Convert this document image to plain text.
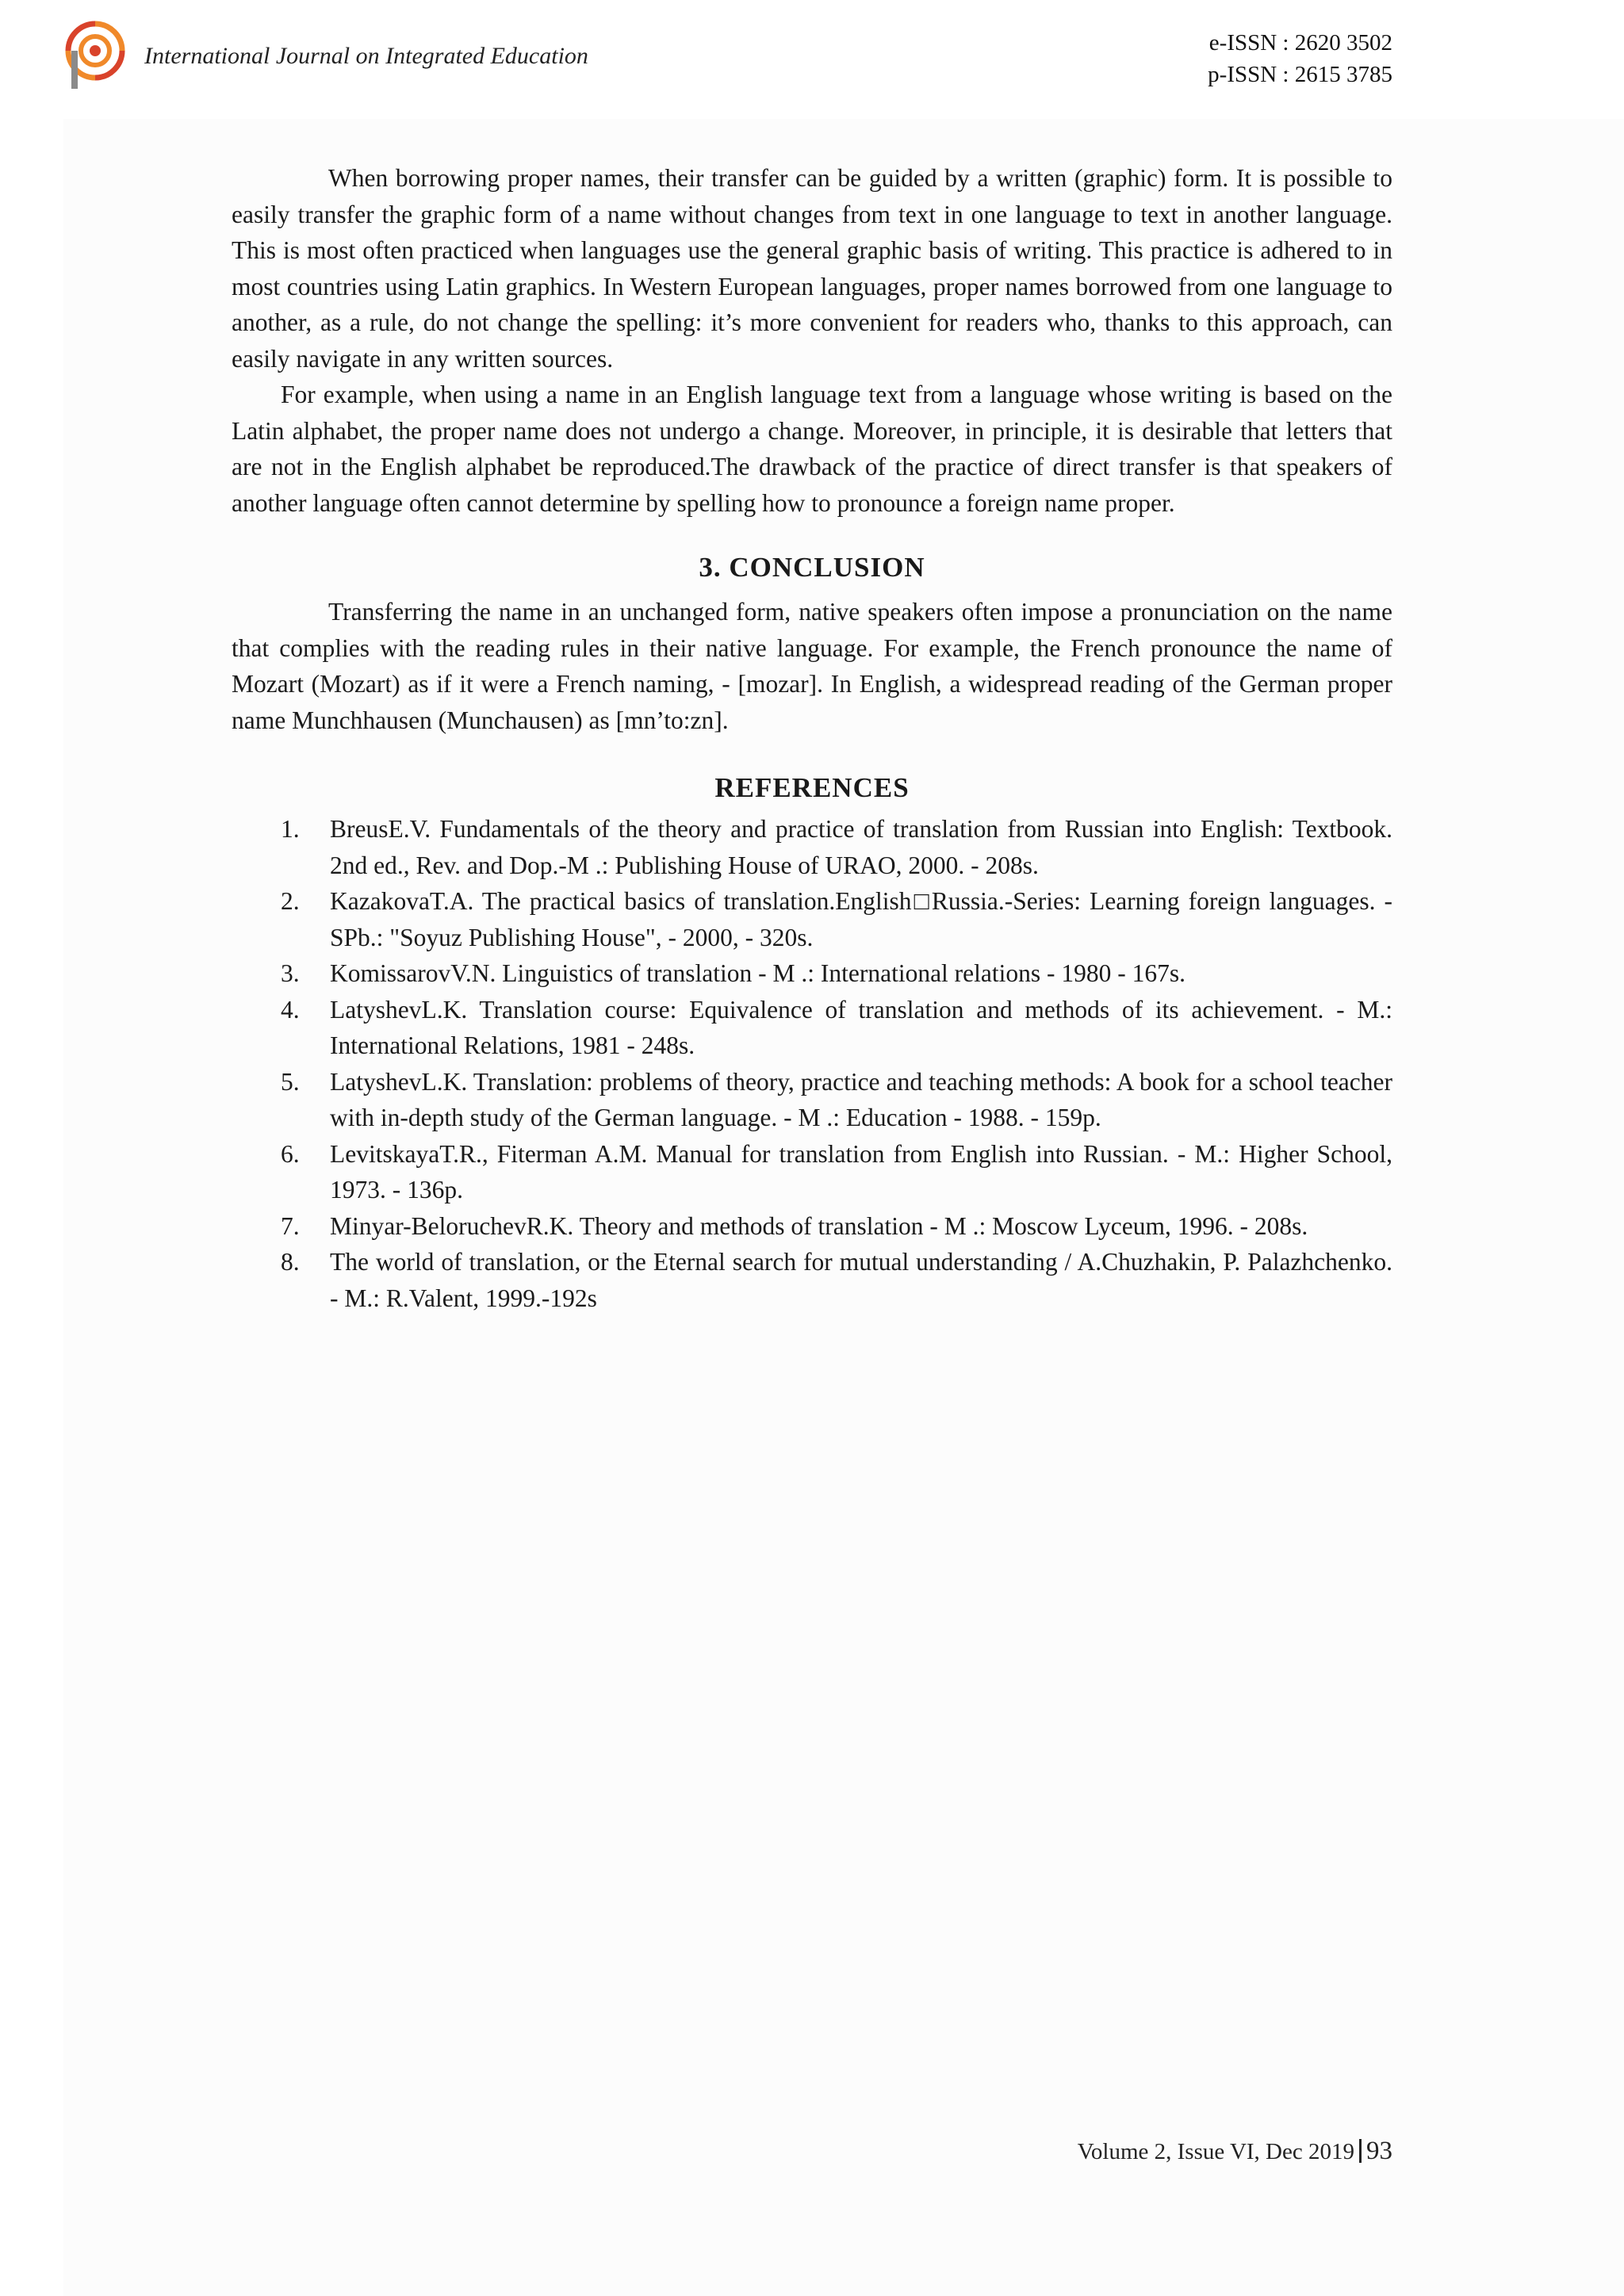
International Journal on Integrated Education	e-ISSN : 2620 3502
p-ISSN : 2615 3785

When borrowing proper names, their transfer can be guided by a written (graphic) form. It is possible to easily transfer the graphic form of a name without changes from text in one language to text in another language. This is most often practiced when languages use the general graphic basis of writing. This practice is adhered to in most countries using Latin graphics. In Western European languages, proper names borrowed from one language to another, as a rule, do not change the spelling: it’s more convenient for readers who, thanks to this approach, can easily navigate in any written sources.

For example, when using a name in an English language text from a language whose writing is based on the Latin alphabet, the proper name does not undergo a change. Moreover, in principle, it is desirable that letters that are not in the English alphabet be reproduced.The drawback of the practice of direct transfer is that speakers of another language often cannot determine by spelling how to pronounce a foreign name proper.

3. CONCLUSION

Transferring the name in an unchanged form, native speakers often impose a pronunciation on the name that complies with the reading rules in their native language. For example, the French pronounce the name of Mozart (Mozart) as if it were a French naming, - [mozar]. In English, a widespread reading of the German proper name Munchhausen (Munchausen) as [mn’to:zn].

REFERENCES
1. BreusE.V. Fundamentals of the theory and practice of translation from Russian into English: Textbook. 2nd ed., Rev. and Dop.-M .: Publishing House of URAO, 2000. - 208s.
2. KazakovaT.A. The practical basics of translation.English□Russia.-Series: Learning foreign languages. - SPb.: "Soyuz Publishing House", - 2000, - 320s.
3. KomissarovV.N. Linguistics of translation - M .: International relations - 1980 - 167s.
4. LatyshevL.K. Translation course: Equivalence of translation and methods of its achievement. - M.: International Relations, 1981 - 248s.
5. LatyshevL.K. Translation: problems of theory, practice and teaching methods: A book for a school teacher with in-depth study of the German language. - M .: Education - 1988. - 159p.
6. LevitskayaT.R., Fiterman A.M. Manual for translation from English into Russian. - M.: Higher School, 1973. - 136p.
7. Minyar-BeloruchevR.K. Theory and methods of translation - M .: Moscow Lyceum, 1996. - 208s.
8. The world of translation, or the Eternal search for mutual understanding / A.Chuzhakin, P. Palazhchenko. - M.: R.Valent, 1999.-192s
Volume 2, Issue VI, Dec 2019 93
